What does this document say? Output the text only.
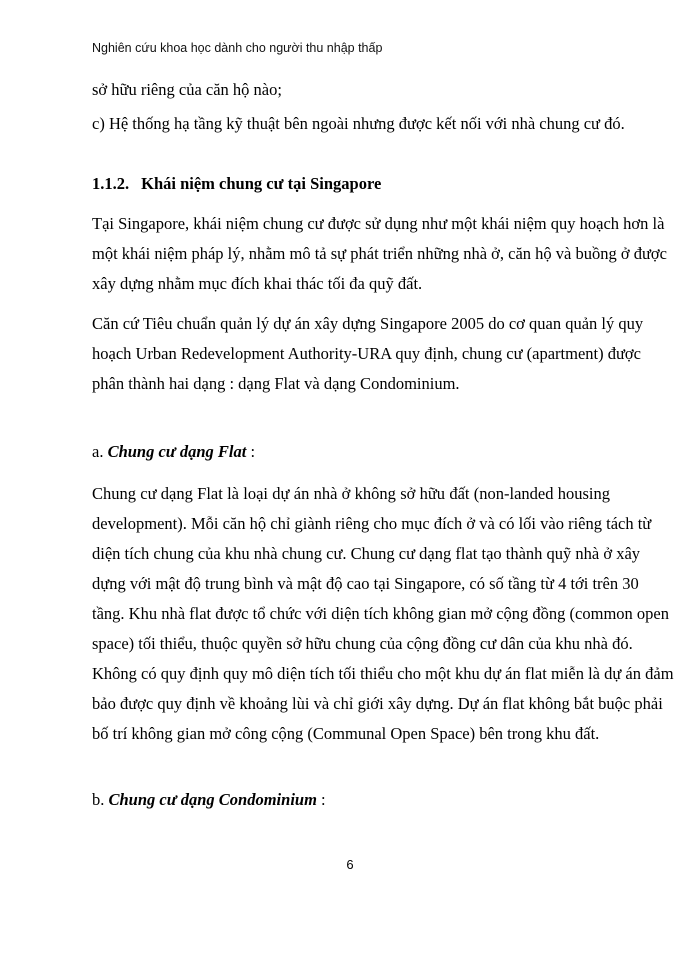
Nghiên cứu khoa học dành cho người thu nhập thấp
sở hữu riêng của căn hộ nào;
c) Hệ thống hạ tầng kỹ thuật bên ngoài nhưng được kết nối với nhà chung cư đó.
1.1.2. Khái niệm chung cư tại Singapore
Tại Singapore, khái niệm chung cư được sử dụng như một khái niệm quy hoạch hơn là
một khái niệm pháp lý, nhằm mô tả sự phát triển những nhà ở, căn hộ và buồng ở được
xây dựng nhằm mục đích khai thác tối đa quỹ đất.
Căn cứ Tiêu chuẩn quản lý dự án xây dựng Singapore 2005 do cơ quan quản lý quy
hoạch Urban Redevelopment Authority-URA quy định, chung cư (apartment) được
phân thành hai dạng : dạng Flat và dạng Condominium.
a. Chung cư dạng Flat :
Chung cư dạng Flat là loại dự án nhà ở không sở hữu đất (non-landed housing
development). Mỗi căn hộ chỉ giành riêng cho mục đích ở và có lối vào riêng tách từ
diện tích chung của khu nhà chung cư. Chung cư dạng flat tạo thành quỹ nhà ở xây
dựng với mật độ trung bình và mật độ cao tại Singapore, có số tầng từ 4 tới trên 30
tầng. Khu nhà flat được tổ chức với diện tích không gian mở cộng đồng (common open
space) tối thiểu, thuộc quyền sở hữu chung của cộng đồng cư dân của khu nhà đó.
Không có quy định quy mô diện tích tối thiểu cho một khu dự án flat miễn là dự án đảm
bảo được quy định về khoảng lùi và chỉ giới xây dựng. Dự án flat không bắt buộc phải
bố trí không gian mở công cộng (Communal Open Space) bên trong khu đất.
b. Chung cư dạng Condominium :
6
